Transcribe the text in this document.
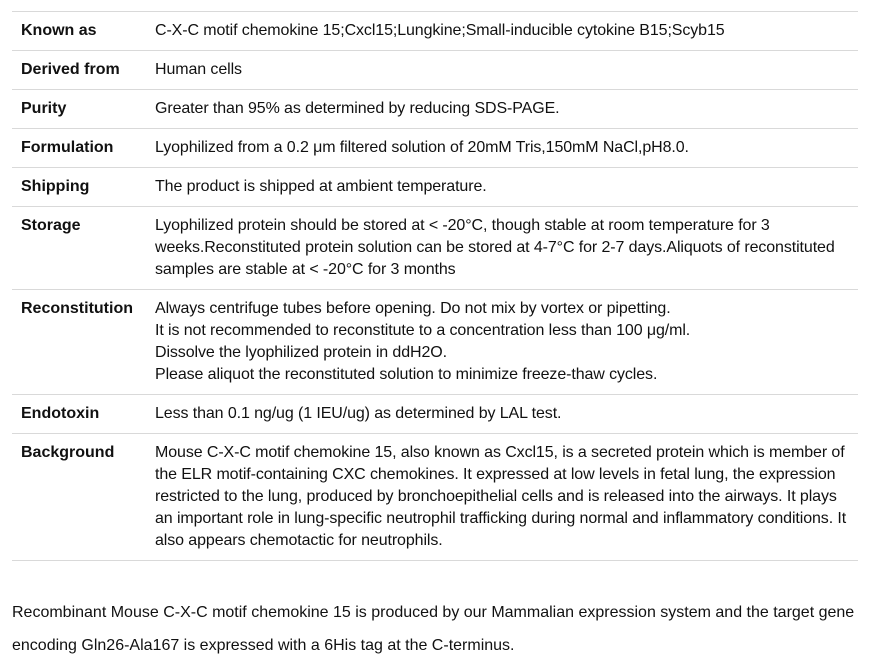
Known as	C-X-C motif chemokine 15;Cxcl15;Lungkine;Small-inducible cytokine B15;Scyb15
Derived from	Human cells
Purity	Greater than 95% as determined by reducing SDS-PAGE.
Formulation	Lyophilized from a 0.2 μm filtered solution of 20mM Tris,150mM NaCl,pH8.0.
Shipping	The product is shipped at ambient temperature.
Storage	Lyophilized protein should be stored at < -20°C, though stable at room temperature for 3 weeks.Reconstituted protein solution can be stored at 4-7°C for 2-7 days.Aliquots of reconstituted samples are stable at < -20°C for 3 months
Reconstitution	Always centrifuge tubes before opening. Do not mix by vortex or pipetting.
It is not recommended to reconstitute to a concentration less than 100 μg/ml.
Dissolve the lyophilized protein in ddH2O.
Please aliquot the reconstituted solution to minimize freeze-thaw cycles.
Endotoxin	Less than 0.1 ng/ug (1 IEU/ug) as determined by LAL test.
Background	Mouse C-X-C motif chemokine 15, also known as Cxcl15, is a secreted protein which is member of the ELR motif-containing CXC chemokines. It expressed at low levels in fetal lung, the expression restricted to the lung, produced by bronchoepithelial cells and is released into the airways. It plays an important role in lung-specific neutrophil trafficking during normal and inflammatory conditions. It also appears chemotactic for neutrophils.

Recombinant Mouse C-X-C motif chemokine 15 is produced by our Mammalian expression system and the target gene encoding Gln26-Ala167 is expressed with a 6His tag at the C-terminus.
